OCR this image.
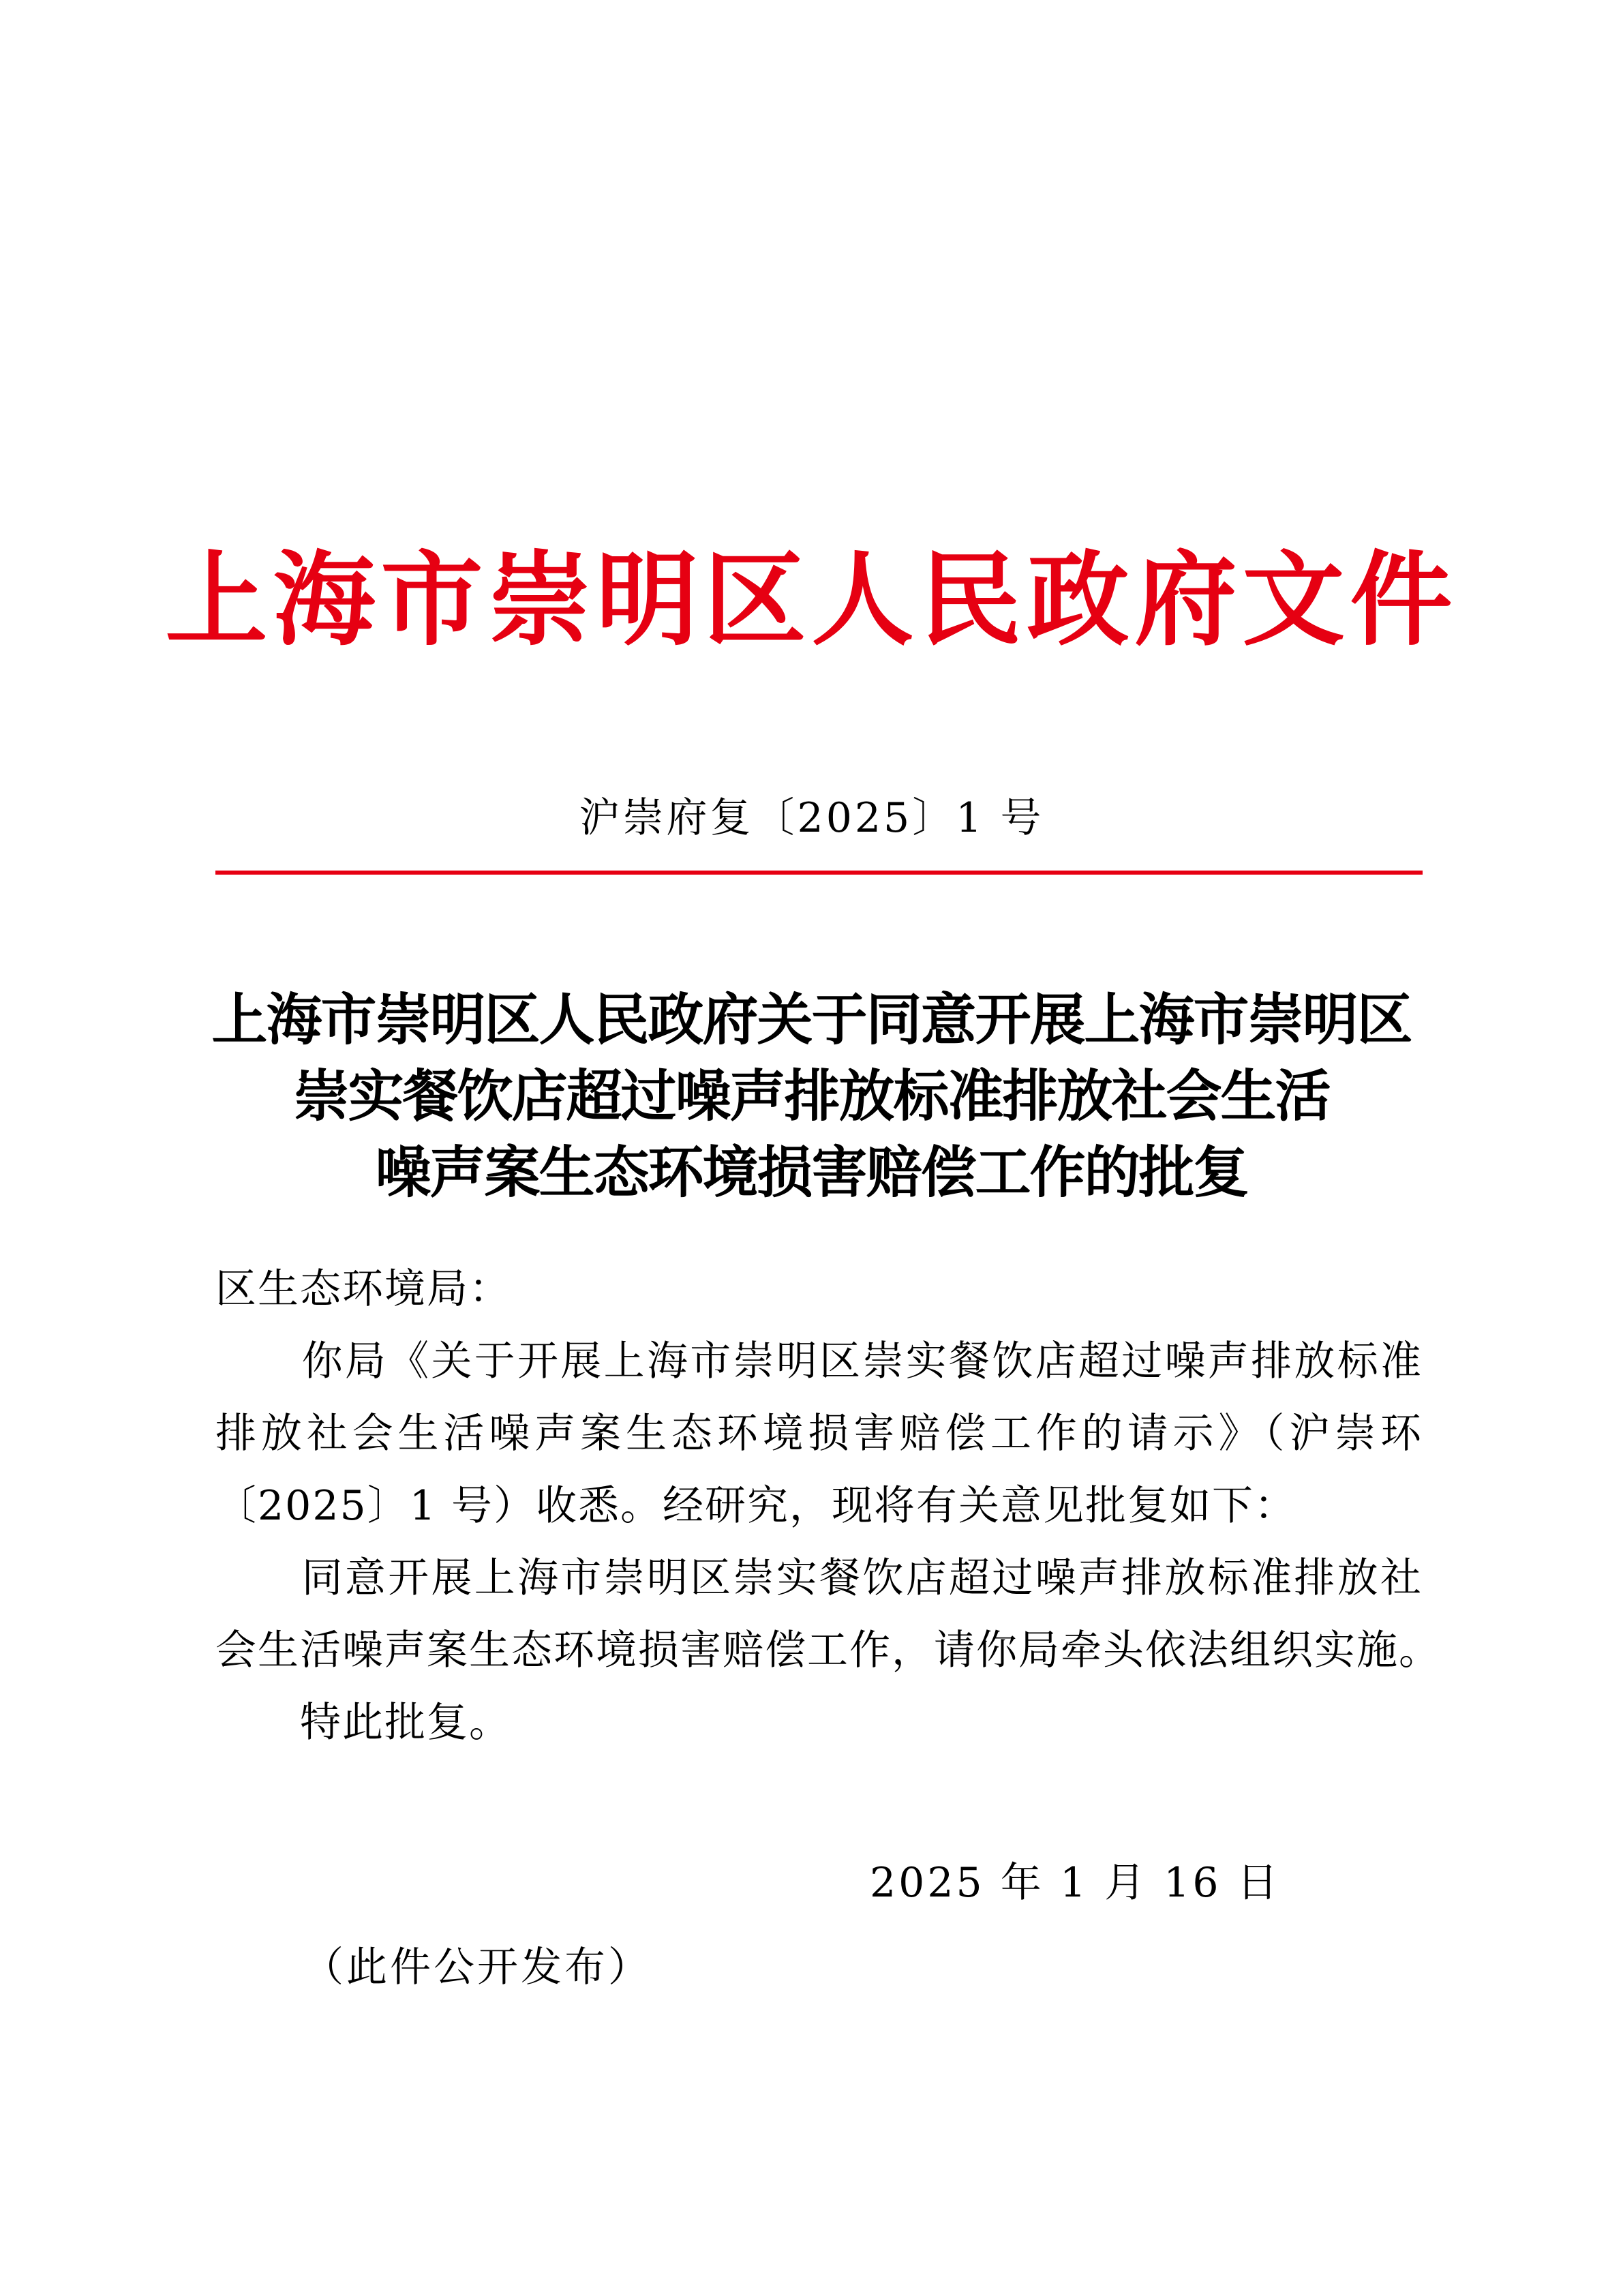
上海市崇明区人民政府文件
沪崇府复〔2025〕1 号
上海市崇明区人民政府关于同意开展上海市崇明区
崇实餐饮店超过噪声排放标准排放社会生活
噪声案生态环境损害赔偿工作的批复
区生态环境局：
　　你局《关于开展上海市崇明区崇实餐饮店超过噪声排放标准
排放社会生活噪声案生态环境损害赔偿工作的请示》（沪崇环
〔2025〕1 号）收悉。经研究，现将有关意见批复如下：
　　同意开展上海市崇明区崇实餐饮店超过噪声排放标准排放社
会生活噪声案生态环境损害赔偿工作，请你局牵头依法组织实施。
　　特此批复。
2025 年 1 月 16 日
（此件公开发布）
